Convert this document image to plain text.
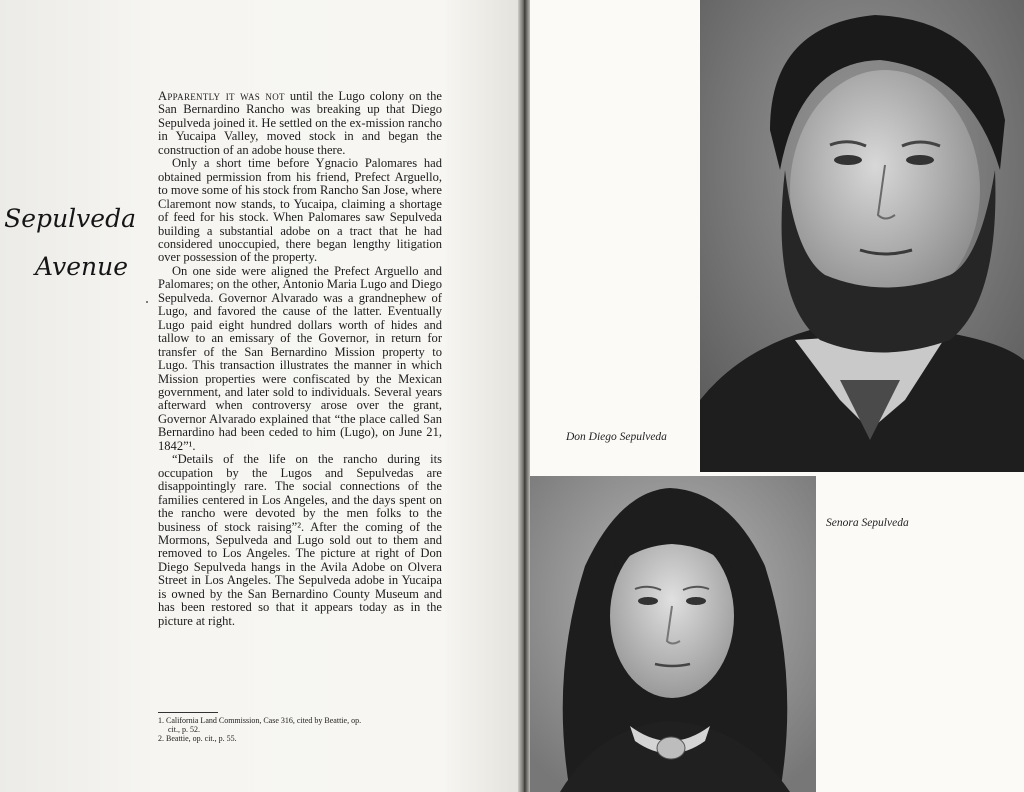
Sepulveda
Avenue

Apparently it was not until the Lugo colony on the San Bernardino Rancho was breaking up that Diego Sepulveda joined it. He settled on the ex-mission rancho in Yucaipa Valley, moved stock in and began the construction of an adobe house there.

Only a short time before Ygnacio Palomares had obtained permission from his friend, Prefect Arguello, to move some of his stock from Rancho San Jose, where Claremont now stands, to Yucaipa, claiming a shortage of feed for his stock. When Palomares saw Sepulveda building a substantial adobe on a tract that he had considered unoccupied, there began lengthy litigation over possession of the property.

On one side were aligned the Prefect Arguello and Palomares; on the other, Antonio Maria Lugo and Diego Sepulveda. Governor Alvarado was a grandnephew of Lugo, and favored the cause of the latter. Eventually Lugo paid eight hundred dollars worth of hides and tallow to an emissary of the Governor, in return for transfer of the San Bernardino Mission property to Lugo. This transaction illustrates the manner in which Mission properties were confiscated by the Mexican government, and later sold to individuals. Several years afterward when controversy arose over the grant, Governor Alvarado explained that “the place called San Bernardino had been ceded to him (Lugo), on June 21, 1842”¹.

“Details of the life on the rancho during its occupation by the Lugos and Sepulvedas are disappointingly rare. The social connections of the families centered in Los Angeles, and the days spent on the rancho were devoted by the men folks to the business of stock raising”². After the coming of the Mormons, Sepulveda and Lugo sold out to them and removed to Los Angeles. The picture at right of Don Diego Sepulveda hangs in the Avila Adobe on Olvera Street in Los Angeles. The Sepulveda adobe in Yucaipa is owned by the San Bernardino County Museum and has been restored so that it appears today as in the picture at right.

1. California Land Commission, Case 316, cited by Beattie, op.
cit., p. 52.
2. Beattie, op. cit., p. 55.
Don Diego Sepulveda
Senora Sepulveda
